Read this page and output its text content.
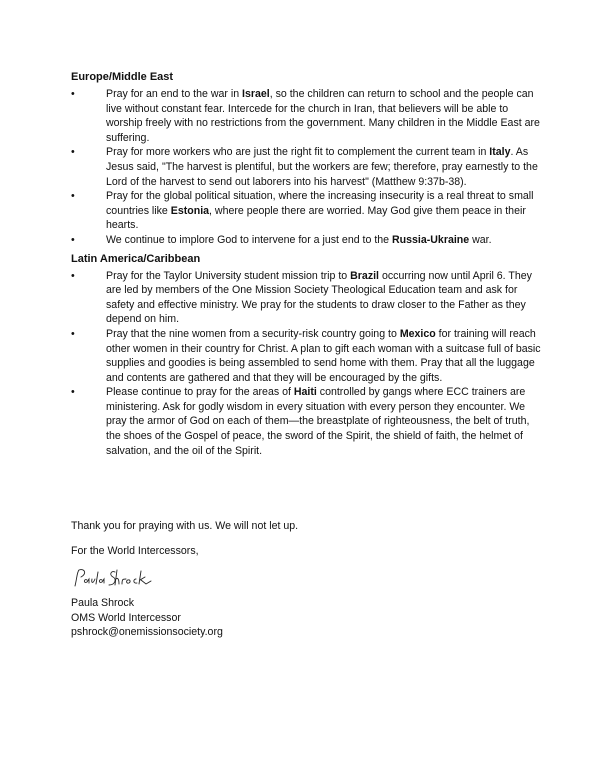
Europe/Middle East
•	Pray for an end to the war in Israel, so the children can return to school and the people can live without constant fear. Intercede for the church in Iran, that believers will be able to worship freely with no restrictions from the government. Many children in the Middle East are suffering.
•	Pray for more workers who are just the right fit to complement the current team in Italy. As Jesus said, "The harvest is plentiful, but the workers are few; therefore, pray earnestly to the Lord of the harvest to send out laborers into his harvest" (Matthew 9:37b-38).
•	Pray for the global political situation, where the increasing insecurity is a real threat to small countries like Estonia, where people there are worried. May God give them peace in their hearts.
•	We continue to implore God to intervene for a just end to the Russia-Ukraine war.
Latin America/Caribbean
•	Pray for the Taylor University student mission trip to Brazil occurring now until April 6. They are led by members of the One Mission Society Theological Education team and ask for safety and effective ministry. We pray for the students to draw closer to the Father as they depend on him.
•	Pray that the nine women from a security-risk country going to Mexico for training will reach other women in their country for Christ. A plan to gift each woman with a suitcase full of basic supplies and goodies is being assembled to send home with them. Pray that all the luggage and contents are gathered and that they will be encouraged by the gifts.
•	Please continue to pray for the areas of Haiti controlled by gangs where ECC trainers are ministering. Ask for godly wisdom in every situation with every person they encounter. We pray the armor of God on each of them—the breastplate of righteousness, the belt of truth, the shoes of the Gospel of peace, the sword of the Spirit, the shield of faith, the helmet of salvation, and the oil of the Spirit.

Thank you for praying with us. We will not let up.

For the World Intercessors,

Paula Shrock

OMS World Intercessor

pshrock@onemissionsociety.org
